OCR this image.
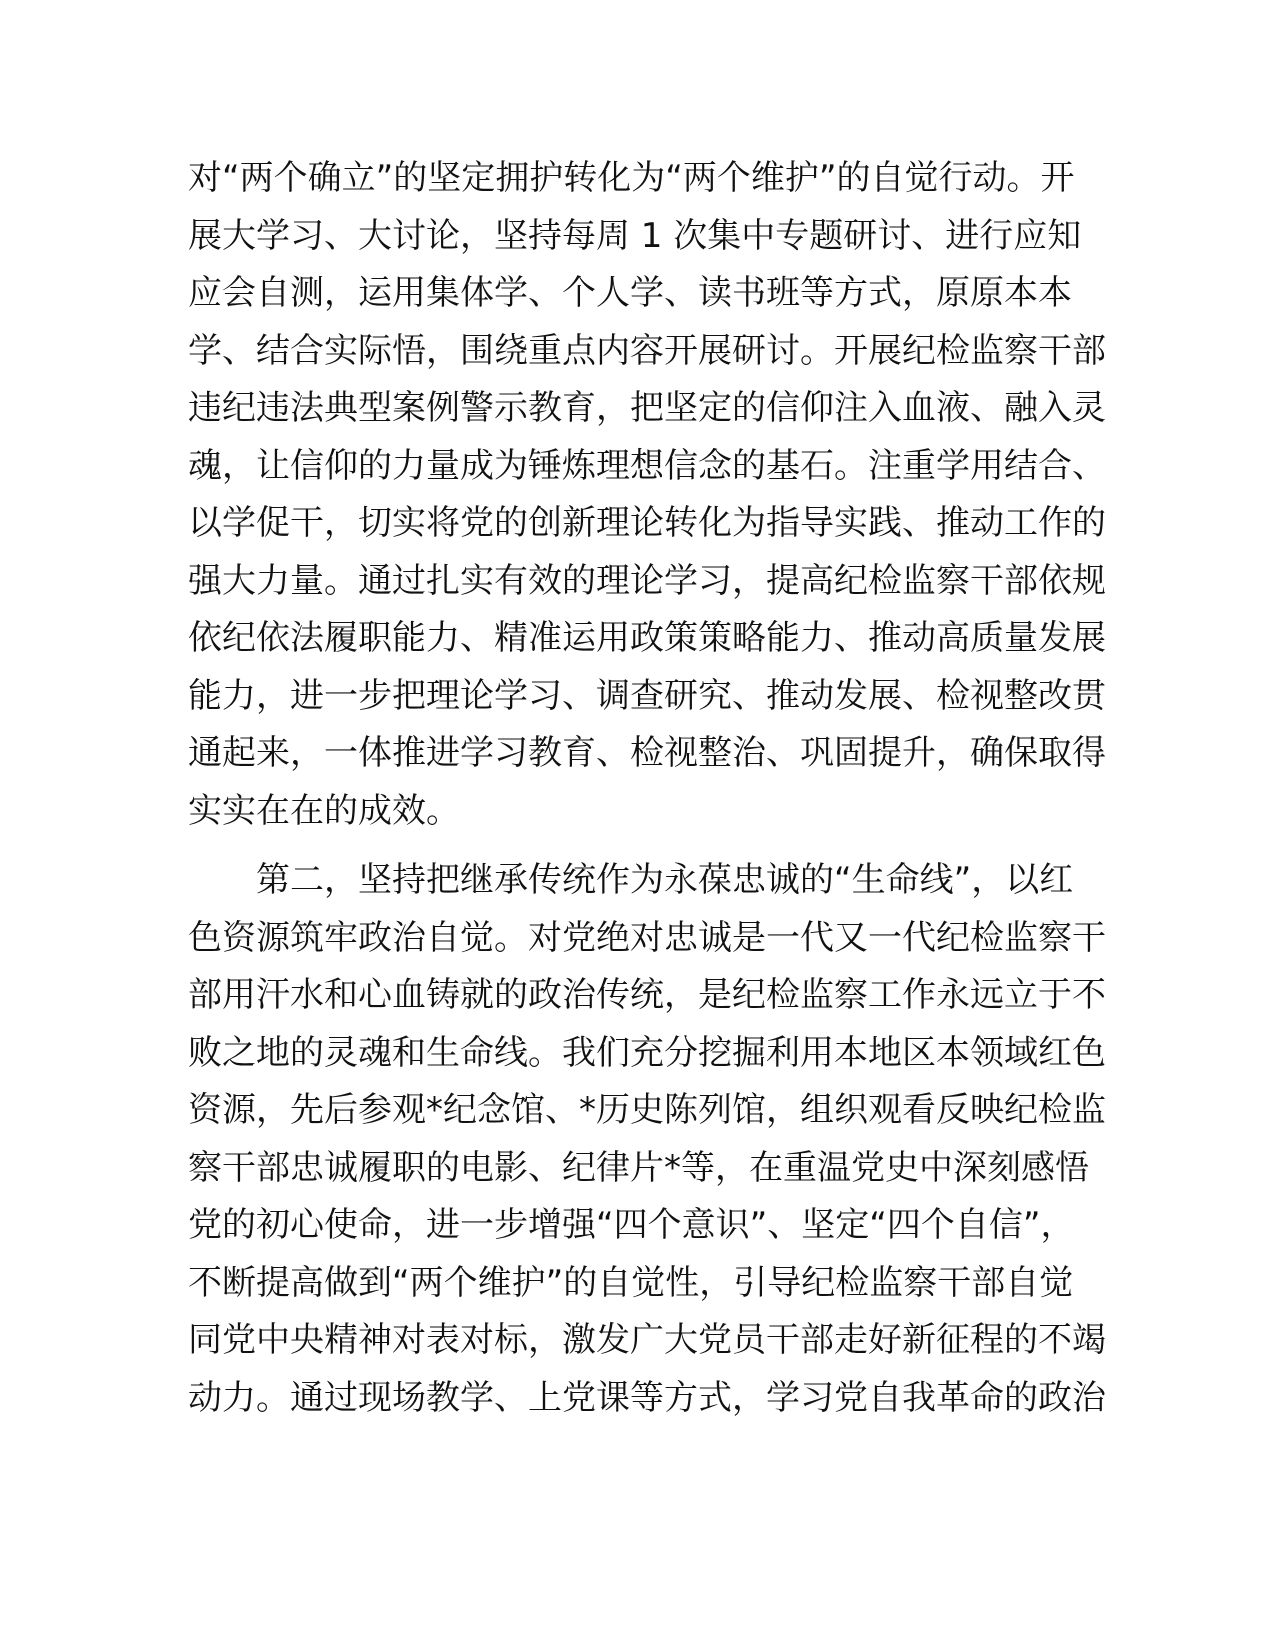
对“两个确立”的坚定拥护转化为“两个维护”的自觉行动。开
展大学习、大讨论，坚持每周 1 次集中专题研讨、进行应知
应会自测，运用集体学、个人学、读书班等方式，原原本本
学、结合实际悟，围绕重点内容开展研讨。开展纪检监察干部
违纪违法典型案例警示教育，把坚定的信仰注入血液、融入灵
魂，让信仰的力量成为锤炼理想信念的基石。注重学用结合、
以学促干，切实将党的创新理论转化为指导实践、推动工作的
强大力量。通过扎实有效的理论学习，提高纪检监察干部依规
依纪依法履职能力、精准运用政策策略能力、推动高质量发展
能力，进一步把理论学习、调查研究、推动发展、检视整改贯
通起来，一体推进学习教育、检视整治、巩固提升，确保取得
实实在在的成效。

第二，坚持把继承传统作为永葆忠诚的“生命线”，以红
色资源筑牢政治自觉。对党绝对忠诚是一代又一代纪检监察干
部用汗水和心血铸就的政治传统，是纪检监察工作永远立于不
败之地的灵魂和生命线。我们充分挖掘利用本地区本领域红色
资源，先后参观*纪念馆、*历史陈列馆，组织观看反映纪检监
察干部忠诚履职的电影、纪律片*等，在重温党史中深刻感悟
党的初心使命，进一步增强“四个意识”、坚定“四个自信”，
不断提高做到“两个维护”的自觉性，引导纪检监察干部自觉
同党中央精神对表对标，激发广大党员干部走好新征程的不竭
动力。通过现场教学、上党课等方式，学习党自我革命的政治
